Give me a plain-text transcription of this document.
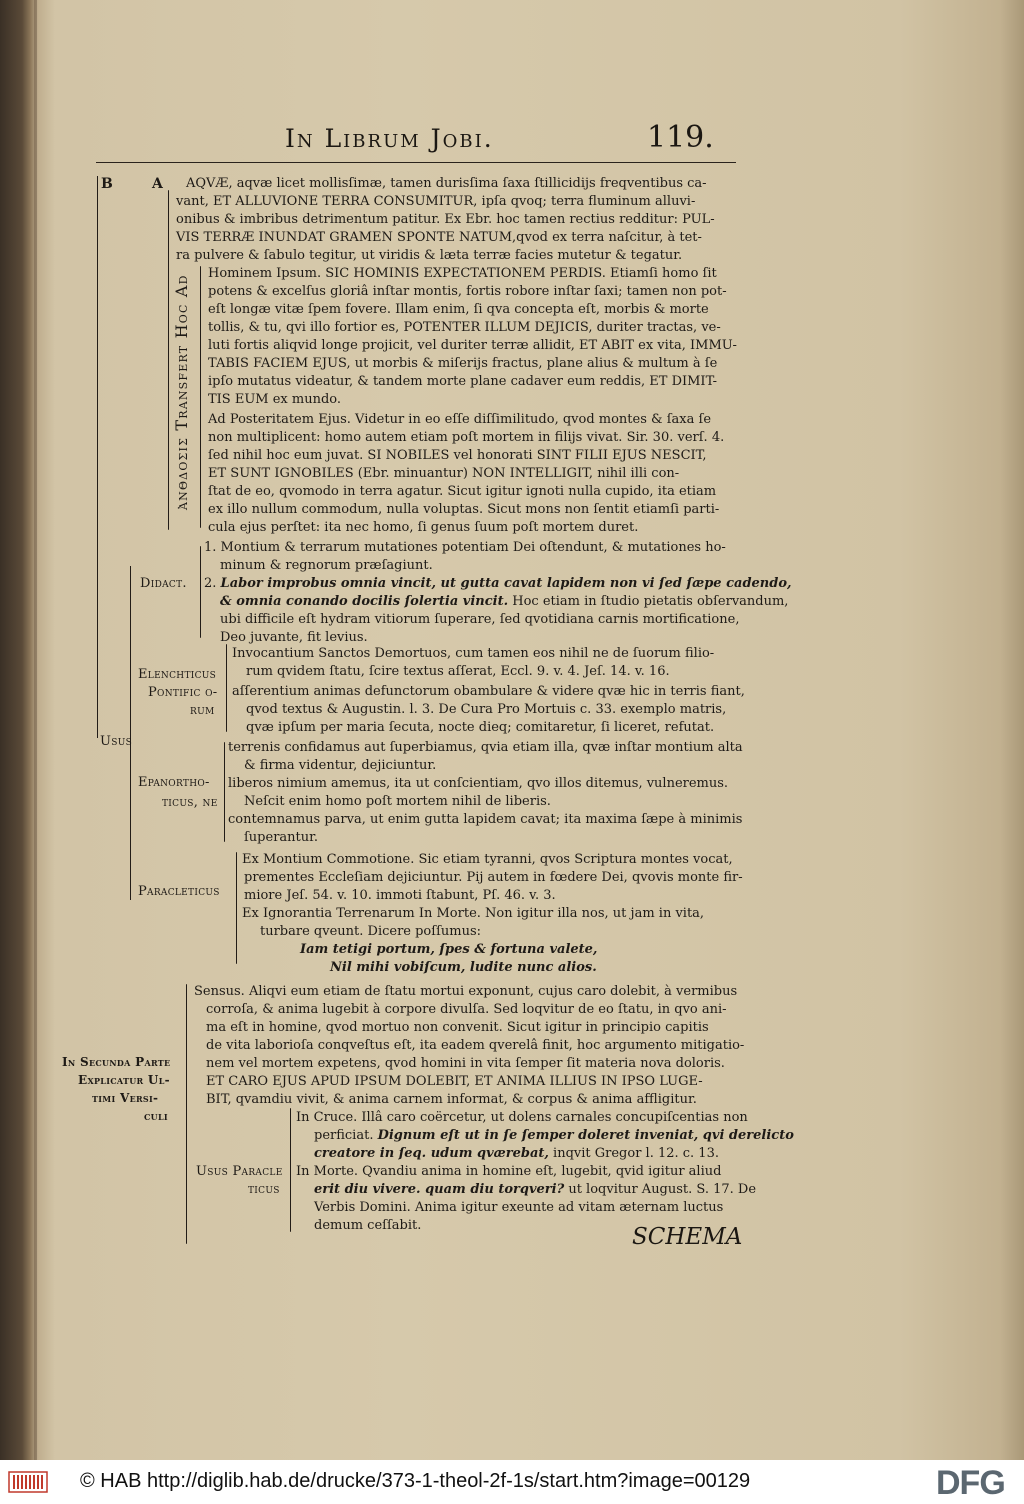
In Librum Jobi.	119.
B	A
ἀνθδοσις Transfert Hoc Ad
Didact.
Elenchticus
Pontific o-
rum
Usus
Epanortho-
ticus, ne
Paracleticus
In Secunda Parte
Explicatur Ul-
timi Versi-
culi
Usus Paracle
ticus
AQVÆ, aqvæ licet mollisſimæ, tamen durisſima ſaxa ſtillicidijs freqventibus ca-
vant, ET ALLUVIONE TERRA CONSUMITUR, ipſa qvoq; terra fluminum alluvi-
onibus & imbribus detrimentum patitur. Ex Ebr. hoc tamen rectius redditur: PUL-
VIS TERRÆ INUNDAT GRAMEN SPONTE NATUM,qvod ex terra naſcitur, à tet-
ra pulvere & ſabulo tegitur, ut viridis & læta terræ facies mutetur & tegatur.
Hominem Ipsum. SIC HOMINIS EXPECTATIONEM PERDIS. Etiamſi homo ſit
potens & excelſus gloriâ inſtar montis, fortis robore inſtar ſaxi; tamen non pot-
eſt longæ vitæ ſpem fovere. Illam enim, ſi qva concepta eſt, morbis & morte
tollis, & tu, qvi illo fortior es, POTENTER ILLUM DEJICIS, duriter tractas, ve-
luti fortis aliqvid longe projicit, vel duriter terræ allidit, ET ABIT ex vita, IMMU-
TABIS FACIEM EJUS, ut morbis & miſerijs fractus, plane alius & multum à ſe
ipſo mutatus videatur, & tandem morte plane cadaver eum reddis, ET DIMIT-
TIS EUM ex mundo.
Ad Posteritatem Ejus. Videtur in eo eſſe diſſimilitudo, qvod montes & ſaxa ſe
non multiplicent: homo autem etiam poſt mortem in filijs vivat. Sir. 30. verſ. 4.
ſed nihil hoc eum juvat. SI NOBILES vel honorati SINT FILII EJUS NESCIT,
ET SUNT IGNOBILES (Ebr. minuantur) NON INTELLIGIT, nihil illi con-
ſtat de eo, qvomodo in terra agatur. Sicut igitur ignoti nulla cupido, ita etiam
ex illo nullum commodum, nulla voluptas. Sicut mons non ſentit etiamſi parti-
cula ejus perſtet: ita nec homo, ſi genus ſuum poſt mortem duret.
1. Montium & terrarum mutationes potentiam Dei oſtendunt, & mutationes ho-
minum & regnorum præſagiunt.
2. Labor improbus omnia vincit, ut gutta cavat lapidem non vi ſed ſæpe cadendo,
& omnia conando docilis ſolertia vincit. Hoc etiam in ſtudio pietatis obſervandum,
ubi difficile eſt hydram vitiorum ſuperare, ſed qvotidiana carnis mortificatione,
Deo juvante, fit levius.
Invocantium Sanctos Demortuos, cum tamen eos nihil ne de ſuorum filio-
rum qvidem ſtatu, ſcire textus aſſerat, Eccl. 9. v. 4. Jeſ. 14. v. 16.
aſſerentium animas defunctorum obambulare & videre qvæ hic in terris fiant,
qvod textus & Augustin. l. 3. De Cura Pro Mortuis c. 33. exemplo matris,
qvæ ipſum per maria ſecuta, nocte dieq; comitaretur, ſi liceret, refutat.
terrenis confidamus aut ſuperbiamus, qvia etiam illa, qvæ inſtar montium alta
& firma videntur, dejiciuntur.
liberos nimium amemus, ita ut conſcientiam, qvo illos ditemus, vulneremus.
Neſcit enim homo poſt mortem nihil de liberis.
contemnamus parva, ut enim gutta lapidem cavat; ita maxima ſæpe à minimis
ſuperantur.
Ex Montium Commotione. Sic etiam tyranni, qvos Scriptura montes vocat,
prementes Eccleſiam dejiciuntur. Pij autem in fœdere Dei, qvovis monte fir-
miore Jeſ. 54. v. 10. immoti ſtabunt, Pſ. 46. v. 3.
Ex Ignorantia Terrenarum In Morte. Non igitur illa nos, ut jam in vita,
turbare qveunt. Dicere poſſumus:
Iam tetigi portum, ſpes & fortuna valete,
Nil mihi vobiſcum, ludite nunc alios.
Sensus. Aliqvi eum etiam de ſtatu mortui exponunt, cujus caro dolebit, à vermibus
corroſa, & anima lugebit à corpore divulſa. Sed loqvitur de eo ſtatu, in qvo ani-
ma eſt in homine, qvod mortuo non convenit. Sicut igitur in principio capitis
de vita laborioſa conqveſtus eſt, ita eadem qverelâ finit, hoc argumento mitigatio-
nem vel mortem expetens, qvod homini in vita ſemper ſit materia nova doloris.
ET CARO EJUS APUD IPSUM DOLEBIT, ET ANIMA ILLIUS IN IPSO LUGE-
BIT, qvamdiu vivit, & anima carnem informat, & corpus & anima affligitur.
In Cruce. Illâ caro coërcetur, ut dolens carnales concupiſcentias non
perficiat. Dignum eſt ut in ſe ſemper doleret inveniat, qvi derelicto
creatore in ſeq. udum qværebat, inqvit Gregor l. 12. c. 13.
In Morte. Qvandiu anima in homine eſt, lugebit, qvid igitur aliud
erit diu vivere. quam diu torqveri? ut loqvitur August. S. 17. De
Verbis Domini. Anima igitur exeunte ad vitam æternam luctus
demum ceſſabit.	SCHEMA
© HAB http://diglib.hab.de/drucke/373-1-theol-2f-1s/start.htm?image=00129	DFG
